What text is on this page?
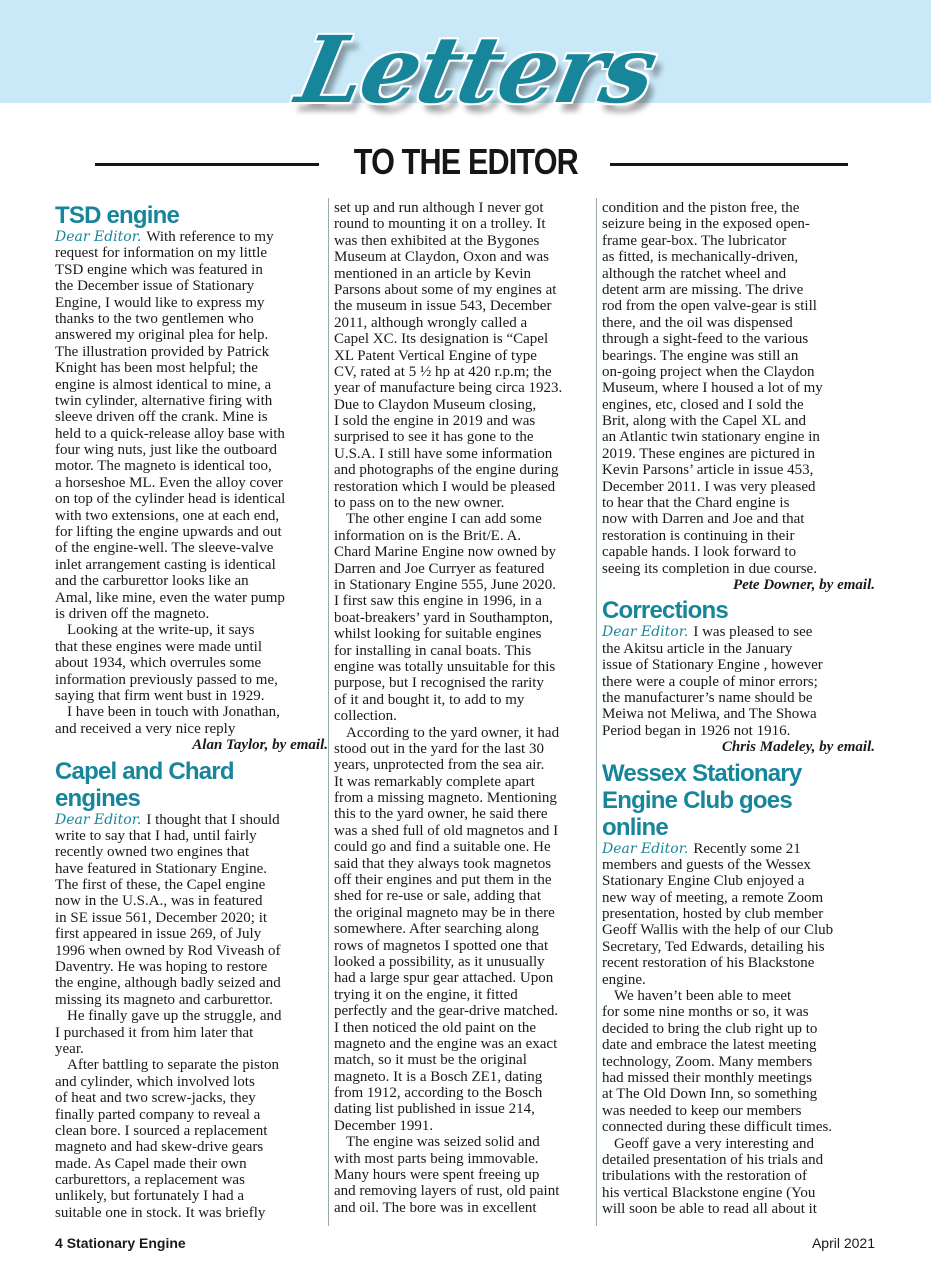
Letters
TO THE EDITOR
TSD engine
Dear Editor. With reference to my
request for information on my little
TSD engine which was featured in
the December issue of Stationary
Engine, I would like to express my
thanks to the two gentlemen who
answered my original plea for help.
The illustration provided by Patrick
Knight has been most helpful; the
engine is almost identical to mine, a
twin cylinder, alternative firing with
sleeve driven off the crank. Mine is
held to a quick-release alloy base with
four wing nuts, just like the outboard
motor. The magneto is identical too,
a horseshoe ML. Even the alloy cover
on top of the cylinder head is identical
with two extensions, one at each end,
for lifting the engine upwards and out
of the engine-well. The sleeve-valve
inlet arrangement casting is identical
and the carburettor looks like an
Amal, like mine, even the water pump
is driven off the magneto.
Looking at the write-up, it says
that these engines were made until
about 1934, which overrules some
information previously passed to me,
saying that firm went bust in 1929.
I have been in touch with Jonathan,
and received a very nice reply
Alan Taylor, by email.
Capel and Chard
engines
Dear Editor. I thought that I should
write to say that I had, until fairly
recently owned two engines that
have featured in Stationary Engine.
The first of these, the Capel engine
now in the U.S.A., was in featured
in SE issue 561, December 2020; it
first appeared in issue 269, of July
1996 when owned by Rod Viveash of
Daventry. He was hoping to restore
the engine, although badly seized and
missing its magneto and carburettor.
He finally gave up the struggle, and
I purchased it from him later that
year.
After battling to separate the piston
and cylinder, which involved lots
of heat and two screw-jacks, they
finally parted company to reveal a
clean bore. I sourced a replacement
magneto and had skew-drive gears
made. As Capel made their own
carburettors, a replacement was
unlikely, but fortunately I had a
suitable one in stock. It was briefly
set up and run although I never got
round to mounting it on a trolley. It
was then exhibited at the Bygones
Museum at Claydon, Oxon and was
mentioned in an article by Kevin
Parsons about some of my engines at
the museum in issue 543, December
2011, although wrongly called a
Capel XC. Its designation is “Capel
XL Patent Vertical Engine of type
CV, rated at 5 ½ hp at 420 r.p.m; the
year of manufacture being circa 1923.
Due to Claydon Museum closing,
I sold the engine in 2019 and was
surprised to see it has gone to the
U.S.A. I still have some information
and photographs of the engine during
restoration which I would be pleased
to pass on to the new owner.
The other engine I can add some
information on is the Brit/E. A.
Chard Marine Engine now owned by
Darren and Joe Curryer as featured
in Stationary Engine 555, June 2020.
I first saw this engine in 1996, in a
boat-breakers’ yard in Southampton,
whilst looking for suitable engines
for installing in canal boats. This
engine was totally unsuitable for this
purpose, but I recognised the rarity
of it and bought it, to add to my
collection.
According to the yard owner, it had
stood out in the yard for the last 30
years, unprotected from the sea air.
It was remarkably complete apart
from a missing magneto. Mentioning
this to the yard owner, he said there
was a shed full of old magnetos and I
could go and find a suitable one. He
said that they always took magnetos
off their engines and put them in the
shed for re-use or sale, adding that
the original magneto may be in there
somewhere. After searching along
rows of magnetos I spotted one that
looked a possibility, as it unusually
had a large spur gear attached. Upon
trying it on the engine, it fitted
perfectly and the gear-drive matched.
I then noticed the old paint on the
magneto and the engine was an exact
match, so it must be the original
magneto. It is a Bosch ZE1, dating
from 1912, according to the Bosch
dating list published in issue 214,
December 1991.
The engine was seized solid and
with most parts being immovable.
Many hours were spent freeing up
and removing layers of rust, old paint
and oil. The bore was in excellent
condition and the piston free, the
seizure being in the exposed open-
frame gear-box. The lubricator
as fitted, is mechanically-driven,
although the ratchet wheel and
detent arm are missing. The drive
rod from the open valve-gear is still
there, and the oil was dispensed
through a sight-feed to the various
bearings. The engine was still an
on-going project when the Claydon
Museum, where I housed a lot of my
engines, etc, closed and I sold the
Brit, along with the Capel XL and
an Atlantic twin stationary engine in
2019. These engines are pictured in
Kevin Parsons’ article in issue 453,
December 2011. I was very pleased
to hear that the Chard engine is
now with Darren and Joe and that
restoration is continuing in their
capable hands. I look forward to
seeing its completion in due course.
Pete Downer, by email.
Corrections
Dear Editor. I was pleased to see
the Akitsu article in the January
issue of Stationary Engine , however
there were a couple of minor errors;
the manufacturer’s name should be
Meiwa not Meliwa, and The Showa
Period began in 1926 not 1916.
Chris Madeley, by email.
Wessex Stationary
Engine Club goes
online
Dear Editor. Recently some 21
members and guests of the Wessex
Stationary Engine Club enjoyed a
new way of meeting, a remote Zoom
presentation, hosted by club member
Geoff Wallis with the help of our Club
Secretary, Ted Edwards, detailing his
recent restoration of his Blackstone
engine.
We haven’t been able to meet
for some nine months or so, it was
decided to bring the club right up to
date and embrace the latest meeting
technology, Zoom. Many members
had missed their monthly meetings
at The Old Down Inn, so something
was needed to keep our members
connected during these difficult times.
Geoff gave a very interesting and
detailed presentation of his trials and
tribulations with the restoration of
his vertical Blackstone engine (You
will soon be able to read all about it
4 Stationary Engine	April 2021
